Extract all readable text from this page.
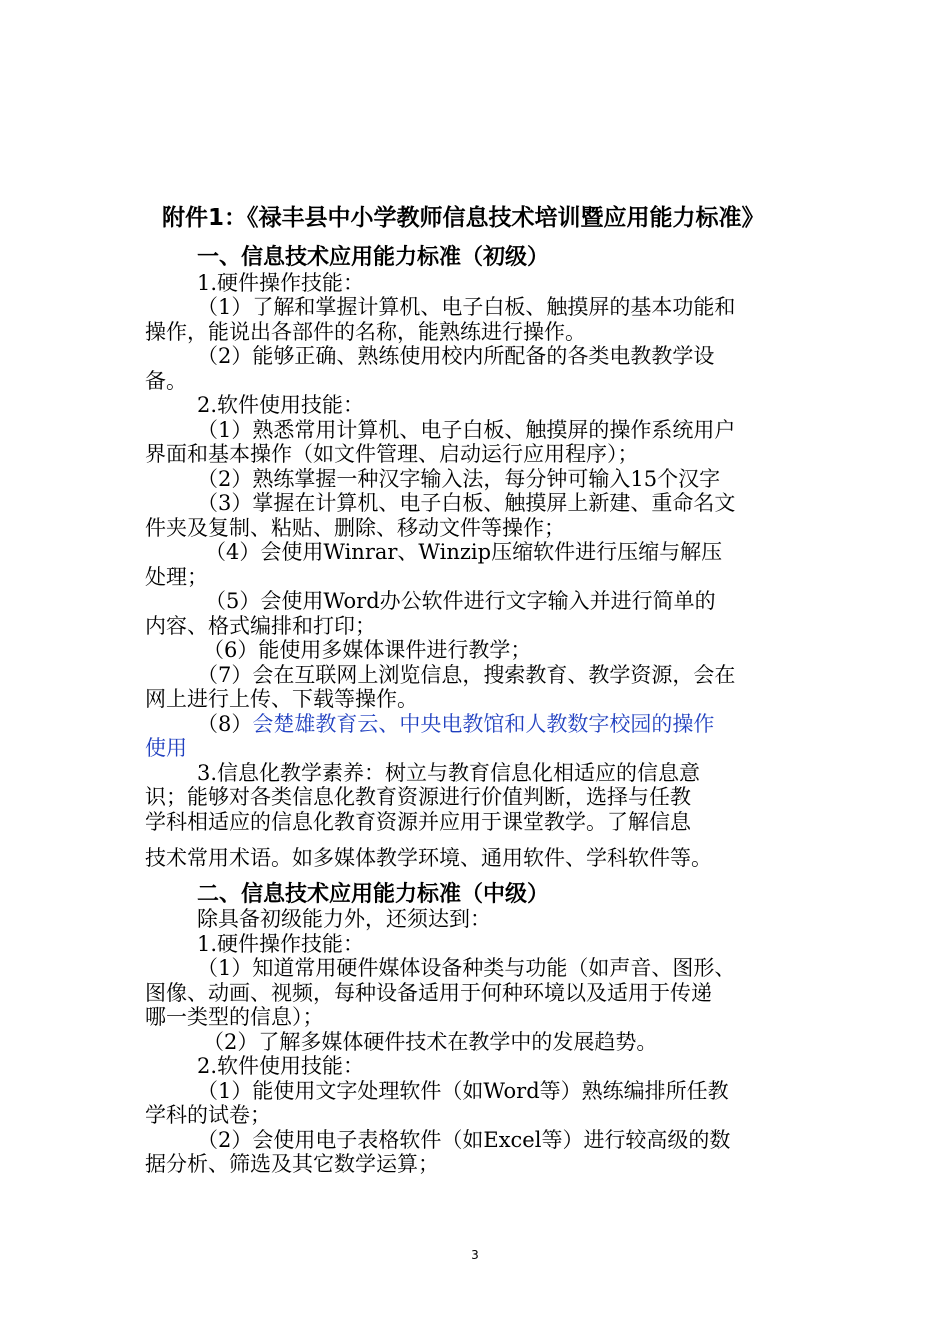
附件1：《禄丰县中小学教师信息技术培训暨应用能力标准》
一、信息技术应用能力标准（初级）
1.硬件操作技能：
（1）了解和掌握计算机、电子白板、触摸屏的基本功能和
操作，能说出各部件的名称，能熟练进行操作。
（2）能够正确、熟练使用校内所配备的各类电教教学设
备。
2.软件使用技能：
（1）熟悉常用计算机、电子白板、触摸屏的操作系统用户
界面和基本操作（如文件管理、启动运行应用程序）；
（2）熟练掌握一种汉字输入法，每分钟可输入15个汉字
（3）掌握在计算机、电子白板、触摸屏上新建、重命名文
件夹及复制、粘贴、删除、移动文件等操作；
（4）会使用Winrar、Winzip压缩软件进行压缩与解压
处理；
（5）会使用Word办公软件进行文字输入并进行简单的
内容、格式编排和打印；
（6）能使用多媒体课件进行教学；
（7）会在互联网上浏览信息，搜索教育、教学资源，会在
网上进行上传、下载等操作。
（8）会楚雄教育云、中央电教馆和人教数字校园的操作
使用
3.信息化教学素养：树立与教育信息化相适应的信息意
识；能够对各类信息化教育资源进行价值判断，选择与任教
学科相适应的信息化教育资源并应用于课堂教学。了解信息
技术常用术语。如多媒体教学环境、通用软件、学科软件等。
二、信息技术应用能力标准（中级）
除具备初级能力外，还须达到：
1.硬件操作技能：
（1）知道常用硬件媒体设备种类与功能（如声音、图形、
图像、动画、视频，每种设备适用于何种环境以及适用于传递
哪一类型的信息）；
（2）了解多媒体硬件技术在教学中的发展趋势。
2.软件使用技能：
（1）能使用文字处理软件（如Word等）熟练编排所任教
学科的试卷；
（2）会使用电子表格软件（如Excel等）进行较高级的数
据分析、筛选及其它数学运算；
3
